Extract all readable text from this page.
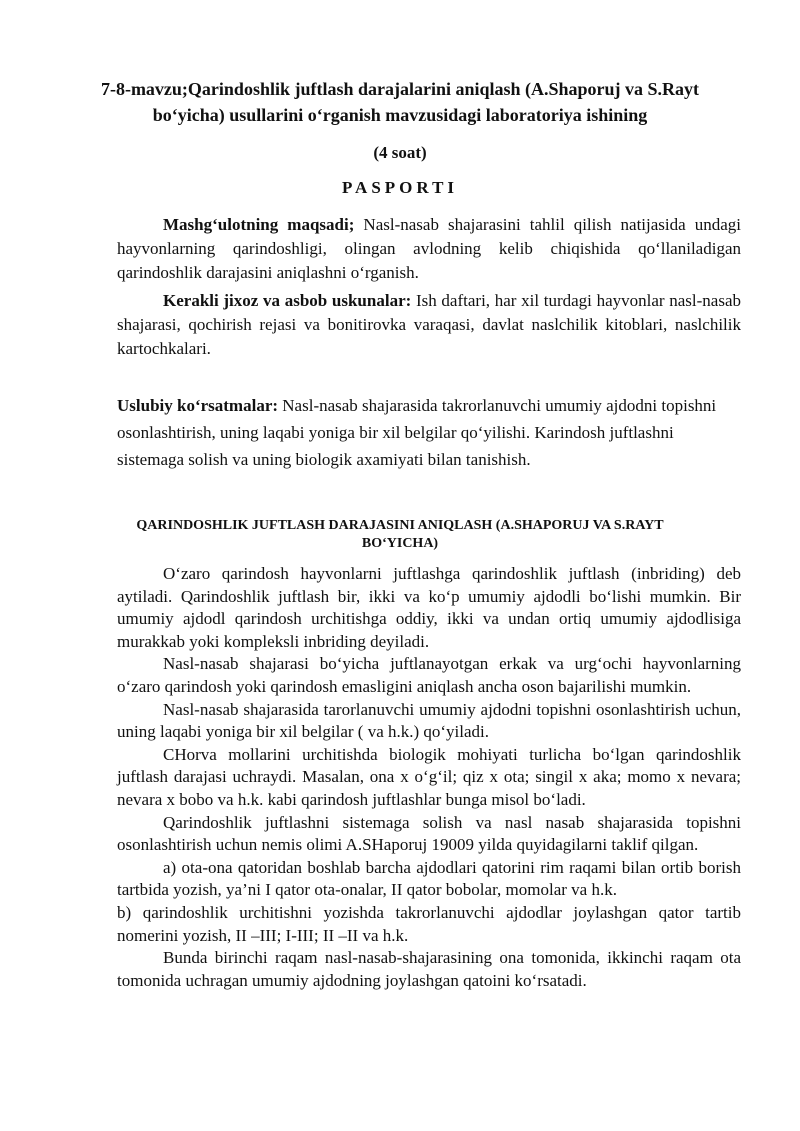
7-8-mavzu;Qarindoshlik juftlash darajalarini aniqlash (A.Shaporuj va S.Rayt bo‘yicha) usullarini o‘rganish mavzusidagi laboratoriya ishining
(4 soat)
PASPORTI

Mashg‘ulotning maqsadi; Nasl-nasab shajarasini tahlil qilish natijasida undagi hayvonlarning qarindoshligi, olingan avlodning kelib chiqishida qo‘llaniladigan qarindoshlik darajasini aniqlashni o‘rganish.

Kerakli jixoz va asbob uskunalar: Ish daftari, har xil turdagi hayvonlar nasl-nasab shajarasi, qochirish rejasi va bonitirovka varaqasi, davlat naslchilik kitoblari, naslchilik kartochkalari.

Uslubiy ko‘rsatmalar: Nasl-nasab shajarasida takrorlanuvchi umumiy ajdodni topishni osonlashtirish, uning laqabi yoniga bir xil belgilar qo‘yilishi. Karindosh juftlashni sistemaga solish va uning biologik axamiyati bilan tanishish.

QARINDOSHLIK JUFTLASH DARAJASINI ANIQLASH (A.SHAPORUJ VA S.RAYT BO‘YICHA)

O‘zaro qarindosh hayvonlarni juftlashga qarindoshlik juftlash (inbriding) deb aytiladi. Qarindoshlik juftlash bir, ikki va ko‘p umumiy ajdodli bo‘lishi mumkin. Bir umumiy ajdodl qarindosh urchitishga oddiy, ikki va undan ortiq umumiy ajdodlisiga murakkab yoki kompleksli inbriding deyiladi.

Nasl-nasab shajarasi bo‘yicha juftlanayotgan erkak va urg‘ochi hayvonlarning o‘zaro qarindosh yoki qarindosh emasligini aniqlash ancha oson bajarilishi mumkin.

Nasl-nasab shajarasida tarorlanuvchi umumiy ajdodni topishni osonlashtirish uchun, uning laqabi yoniga bir xil belgilar ( va h.k.) qo‘yiladi.

CHorva mollarini urchitishda biologik mohiyati turlicha bo‘lgan qarindoshlik juftlash darajasi uchraydi. Masalan, ona x o‘g‘il; qiz x ota; singil x aka; momo x nevara; nevara x bobo va h.k. kabi qarindosh juftlashlar bunga misol bo‘ladi.

Qarindoshlik juftlashni sistemaga solish va nasl nasab shajarasida topishni osonlashtirish uchun nemis olimi A.SHaporuj 19009 yilda quyidagilarni taklif qilgan.

a) ota-ona qatoridan boshlab barcha ajdodlari qatorini rim raqami bilan ortib borish tartbida yozish, ya’ni I qator ota-onalar, II qator bobolar, momolar va h.k.

b) qarindoshlik urchitishni yozishda takrorlanuvchi ajdodlar joylashgan qator tartib nomerini yozish, II –III; I-III; II –II va h.k.

Bunda birinchi raqam nasl-nasab-shajarasining ona tomonida, ikkinchi raqam ota tomonida uchragan umumiy ajdodning joylashgan qatoini ko‘rsatadi.
